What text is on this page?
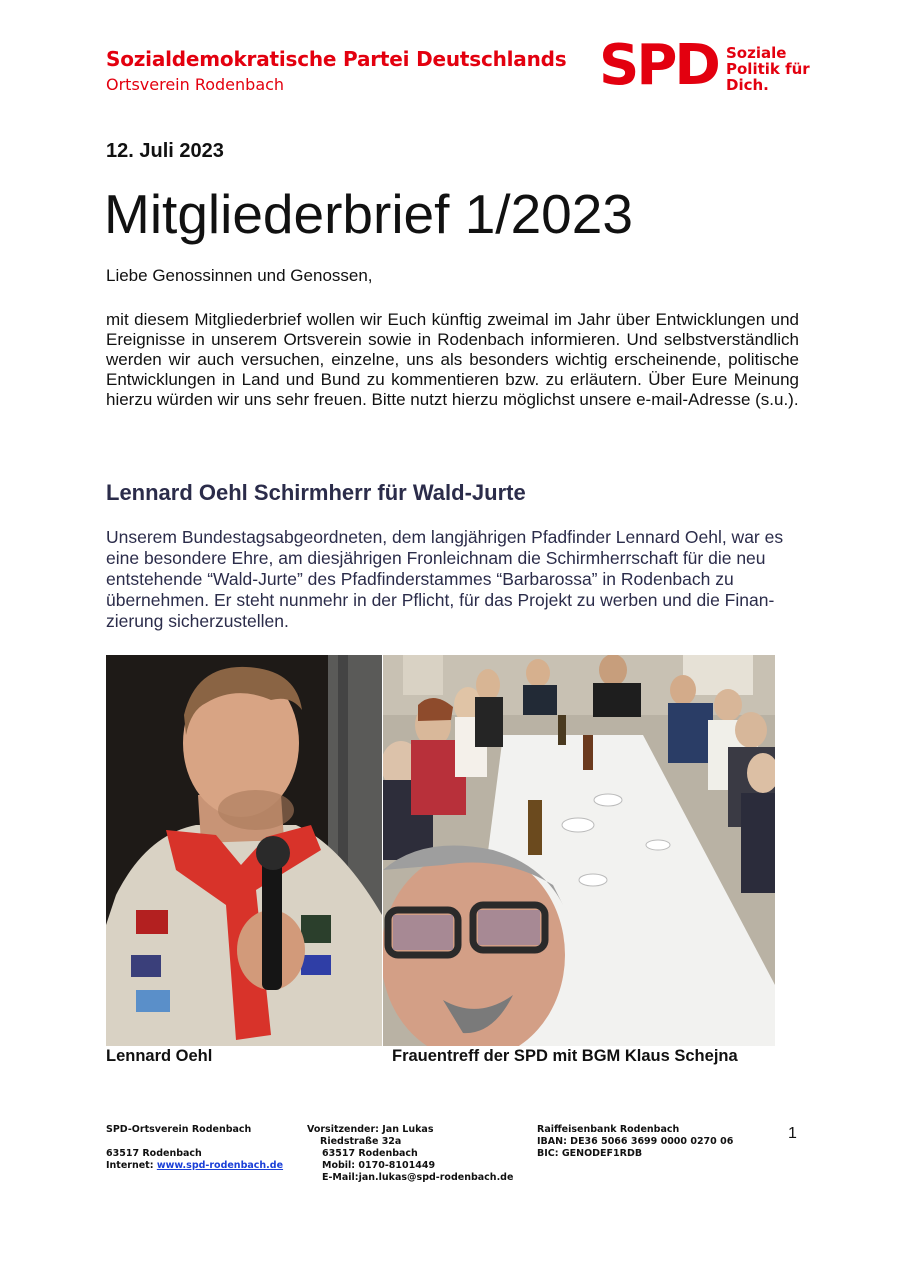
Sozialdemokratische Partei Deutschlands
Ortsverein Rodenbach	SPD Soziale
Politik für
Dich.
12. Juli 2023
Mitgliederbrief 1/2023
Liebe Genossinnen und Genossen,
mit diesem Mitgliederbrief wollen wir Euch künftig zweimal im Jahr über Entwicklungen und Ereignisse in unserem Ortsverein sowie in Rodenbach informieren. Und selbstverständlich werden wir auch versuchen, einzelne, uns als besonders wichtig erscheinende, politische Entwicklungen in Land und Bund zu kommentieren bzw. zu erläutern. Über Eure Meinung hierzu würden wir uns sehr freuen. Bitte nutzt hierzu möglichst unsere e-mail-Adresse (s.u.).
Lennard Oehl Schirmherr für Wald-Jurte
Unserem Bundestagsabgeordneten, dem langjährigen Pfadfinder Lennard Oehl, war es eine besondere Ehre, am diesjährigen Fronleichnam die Schirmherrschaft für die neu entstehende “Wald-Jurte” des Pfadfinderstammes “Barbarossa” in Rodenbach zu übernehmen. Er steht nunmehr in der Pflicht, für das Projekt zu werben und die Finan-zierung sicherzustellen.
Lennard Oehl	Frauentreff der SPD mit BGM Klaus Schejna
SPD-Ortsverein Rodenbach
63517 Rodenbach
Internet: www.spd-rodenbach.de
Vorsitzender: Jan Lukas
Riedstraße 32a
63517 Rodenbach
Mobil: 0170-8101449
E-Mail:jan.lukas@spd-rodenbach.de
Raiffeisenbank Rodenbach
IBAN: DE36 5066 3699 0000 0270 06
BIC: GENODEF1RDB
1
